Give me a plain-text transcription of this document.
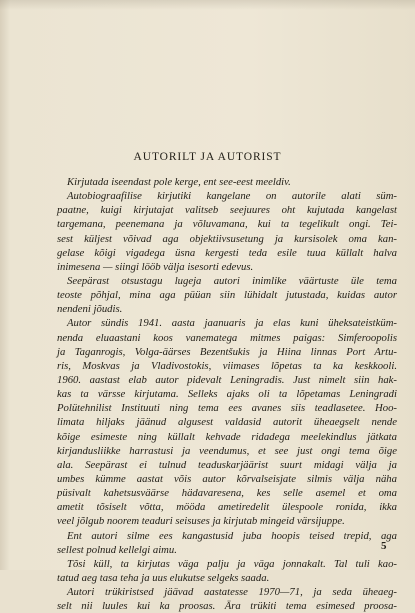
AUTORILT JA AUTORIST
Kirjutada iseendast pole kerge, ent see-eest meeldiv.
Autobiograafilise kirjutiki kangelane on autorile alati süm-
paatne, kuigi kirjutajat valitseb seejuures oht kujutada kangelast
targemana, peenemana ja võluvamana, kui ta tegelikult ongi. Tei-
sest küljest võivad aga objektiivsusetung ja kursisolek oma kan-
gelase kõigi vigadega üsna kergesti teda esile tuua küllalt halva
inimesena — siingi lööb välja isesorti edevus.
Seepärast otsustagu lugeja autori inimlike väärtuste üle tema
teoste põhjal, mina aga püüan siin lühidalt jutustada, kuidas autor
nendeni jõudis.
Autor sündis 1941. aasta jaanuaris ja elas kuni üheksateistküm-
nenda eluaastani koos vanematega mitmes paigas: Simferoopolis
ja Taganrogis, Volga-äärses Bezentšukis ja Hiina linnas Port Artu-
ris, Moskvas ja Vladivostokis, viimases lõpetas ta ka keskkooli.
1960. aastast elab autor pidevalt Leningradis. Just nimelt siin hak-
kas ta värsse kirjutama. Selleks ajaks oli ta lõpetamas Leningradi
Polütehnilist Instituuti ning tema ees avanes siis teadlasetee. Hoo-
limata hiljaks jäänud algusest valdasid autorit üheaegselt nende
kõige esimeste ning küllalt kehvade ridadega meelekindlus jätkata
kirjandusliikke harrastusi ja veendumus, et see just ongi tema õige
ala. Seepärast ei tulnud teaduskarjäärist suurt midagi välja ja
umbes kümme aastat võis autor kõrvalseisjate silmis välja näha
püsivalt kahetsusväärse hädavaresena, kes selle asemel et oma
ametit tõsiselt võtta, mööda ametiredelit ülespoole ronida, ikka
veel jõlgub noorem teaduri seisuses ja kirjutab mingeid värsijuppe.
Ent autori silme ees kangastusid juba hoopis teised trepid, aga
sellest polnud kellelgi aimu.
Tõsi küll, ta kirjutas väga palju ja väga jonnakalt. Tal tuli kao-
tatud aeg tasa teha ja uus elukutse selgeks saada.
Autori trükiristsed jäävad aastatesse 1970—71, ja seda üheaeg-
selt nii luules kui ka proosas. Ära trükiti tema esimesed proosa-
5
